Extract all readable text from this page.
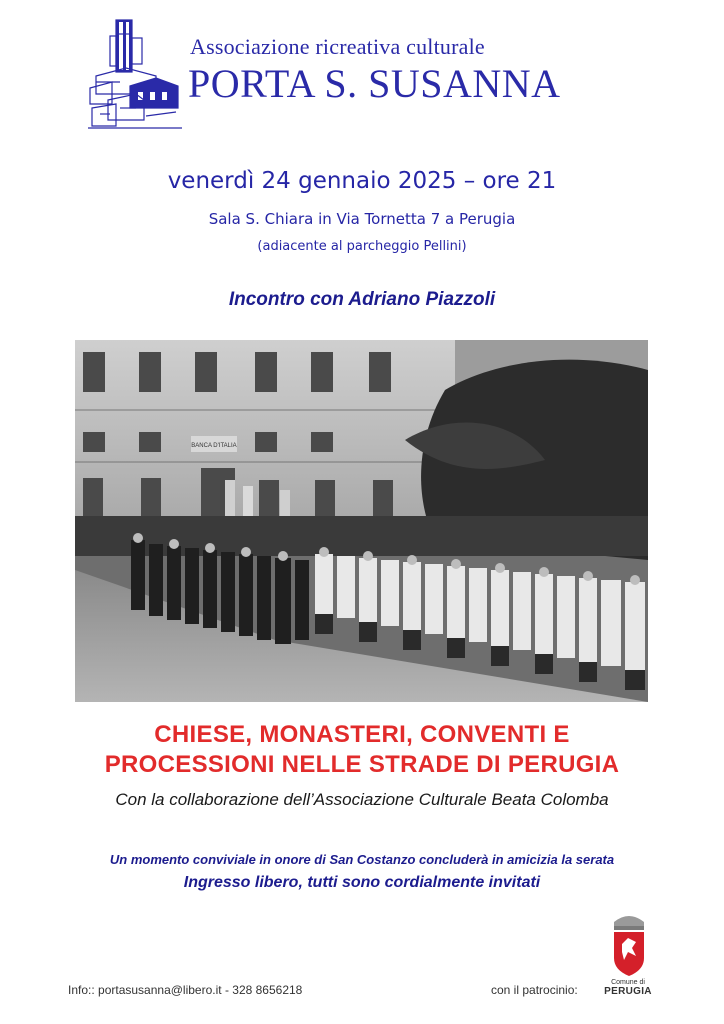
Associazione ricreativa culturale
PORTA S. SUSANNA
venerdì 24 gennaio 2025 – ore 21
Sala S. Chiara in Via Tornetta 7 a Perugia
(adiacente al parcheggio Pellini)
Incontro con Adriano Piazzoli
BANCA D'ITALIA
CHIESE, MONASTERI, CONVENTI E
PROCESSIONI NELLE STRADE DI PERUGIA
Con la collaborazione dell’Associazione Culturale Beata Colomba
Un momento conviviale in onore di San Costanzo concluderà in amicizia la serata
Ingresso libero, tutti sono cordialmente invitati
Info:: portasusanna@libero.it - 328 8656218	con il patrocinio:
Comune di
PERUGIA
